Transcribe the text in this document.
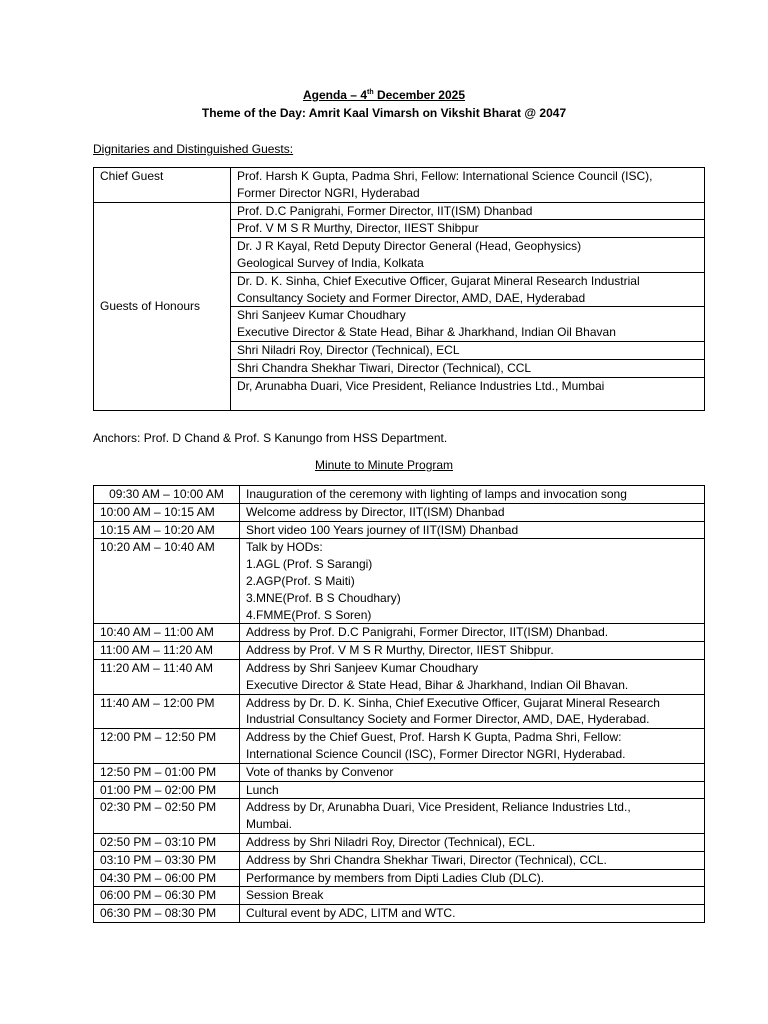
Agenda – 4th December 2025
Theme of the Day: Amrit Kaal Vimarsh on Vikshit Bharat @ 2047
Dignitaries and Distinguished Guests:
Chief Guest	Prof. Harsh K Gupta, Padma Shri, Fellow: International Science Council (ISC),
Former Director NGRI, Hyderabad

Guests of Honours	Prof. D.C Panigrahi, Former Director, IIT(ISM) Dhanbad

	Prof. V M S R Murthy, Director, IIEST Shibpur

	Dr. J R Kayal, Retd Deputy Director General (Head, Geophysics)
Geological Survey of India, Kolkata

	Dr. D. K. Sinha, Chief Executive Officer, Gujarat Mineral Research Industrial
Consultancy Society and Former Director, AMD, DAE, Hyderabad

	Shri Sanjeev Kumar Choudhary
Executive Director & State Head, Bihar & Jharkhand, Indian Oil Bhavan

	Shri Niladri Roy, Director (Technical), ECL

	Shri Chandra Shekhar Tiwari, Director (Technical), CCL

	Dr, Arunabha Duari, Vice President, Reliance Industries Ltd., Mumbai
Anchors: Prof. D Chand & Prof. S Kanungo from HSS Department.
Minute to Minute Program
09:30 AM – 10:00 AM	Inauguration of the ceremony with lighting of lamps and invocation song

10:00 AM – 10:15 AM	Welcome address by Director, IIT(ISM) Dhanbad

10:15 AM – 10:20 AM	Short video 100 Years journey of IIT(ISM) Dhanbad

10:20 AM – 10:40 AM	Talk by HODs:
1.AGL (Prof. S Sarangi)
2.AGP(Prof. S Maiti)
3.MNE(Prof. B S Choudhary)
4.FMME(Prof. S Soren)

10:40 AM – 11:00 AM	Address by Prof. D.C Panigrahi, Former Director, IIT(ISM) Dhanbad.

11:00 AM – 11:20 AM	Address by Prof. V M S R Murthy, Director, IIEST Shibpur.

11:20 AM – 11:40 AM	Address by Shri Sanjeev Kumar Choudhary
Executive Director & State Head, Bihar & Jharkhand, Indian Oil Bhavan.

11:40 AM – 12:00 PM	Address by Dr. D. K. Sinha, Chief Executive Officer, Gujarat Mineral Research
Industrial Consultancy Society and Former Director, AMD, DAE, Hyderabad.

12:00 PM – 12:50 PM	Address by the Chief Guest, Prof. Harsh K Gupta, Padma Shri, Fellow:
International Science Council (ISC), Former Director NGRI, Hyderabad.

12:50 PM – 01:00 PM	Vote of thanks by Convenor

01:00 PM – 02:00 PM	Lunch

02:30 PM – 02:50 PM	Address by Dr, Arunabha Duari, Vice President, Reliance Industries Ltd.,
Mumbai.

02:50 PM – 03:10 PM	Address by Shri Niladri Roy, Director (Technical), ECL.

03:10 PM – 03:30 PM	Address by Shri Chandra Shekhar Tiwari, Director (Technical), CCL.

04:30 PM – 06:00 PM	Performance by members from Dipti Ladies Club (DLC).

06:00 PM – 06:30 PM	Session Break

06:30 PM – 08:30 PM	Cultural event by ADC, LITM and WTC.
